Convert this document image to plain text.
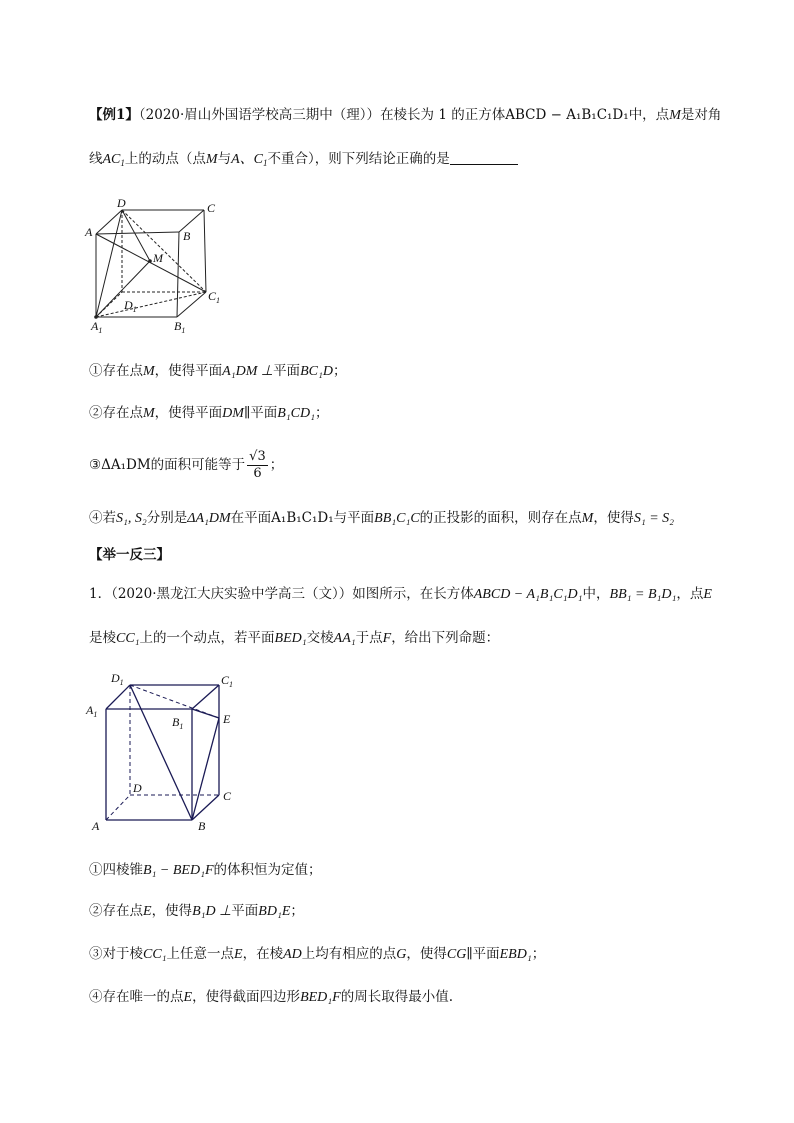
【例1】（2020·眉山外国语学校高三期中（理））在棱长为 1 的正方体ABCD − A₁B₁C₁D₁中，点M是对角
线$AC_1$上的动点（点M与A、$C_1$不重合），则下列结论正确的是
D	C
A	B
M
$C_1$
$D_1$
$A_1$	$B_1$
①存在点M，使得平面A₁DM ⊥平面BC₁D；
②存在点M，使得平面DM∥平面B₁CD₁；
③ΔA₁DM的面积可能等于 $\frac{√3}{6}$ ；
④若S₁, S₂分别是ΔA₁DM在平面A₁B₁C₁D₁与平面BB₁C₁C的正投影的面积，则存在点M，使得S₁ = S₂
【举一反三】
1．（2020·黑龙江大庆实验中学高三（文））如图所示，在长方体ABCD − A₁B₁C₁D₁中，BB₁ = B₁D₁，点E
是棱CC₁上的一个动点，若平面BED₁交棱AA₁于点F，给出下列命题：
$D_1$	$C_1$
$A_1$
$B_1$
E
D
C
A	B
①四棱锥B₁ − BED₁F的体积恒为定值；
②存在点E，使得B₁D ⊥平面BD₁E；
③对于棱CC₁上任意一点E，在棱AD上均有相应的点G，使得CG∥平面EBD₁；
④存在唯一的点E，使得截面四边形BED₁F的周长取得最小值.
